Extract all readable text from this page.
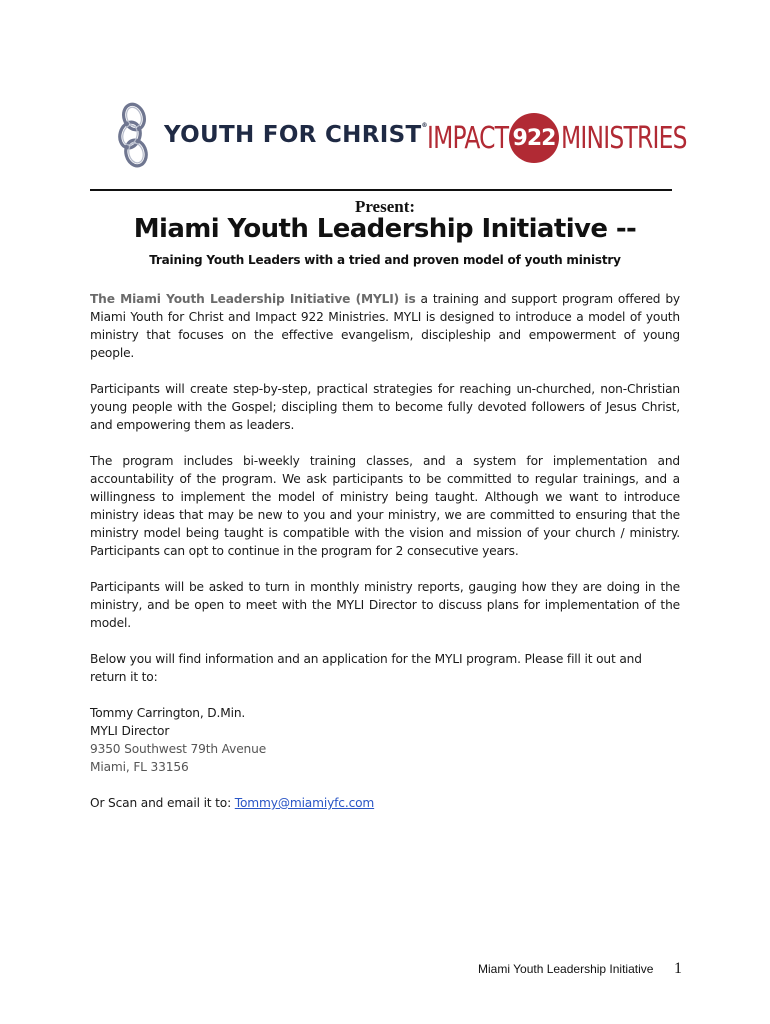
YOUTH FOR CHRIST® IMPACT 922 MINISTRIES
Present:
Miami Youth Leadership Initiative --
Training Youth Leaders with a tried and proven model of youth ministry

The Miami Youth Leadership Initiative (MYLI) is a training and support program offered by Miami Youth for Christ and Impact 922 Ministries. MYLI is designed to introduce a model of youth ministry that focuses on the effective evangelism, discipleship and empowerment of young people.

Participants will create step-by-step, practical strategies for reaching un-churched, non-Christian young people with the Gospel; discipling them to become fully devoted followers of Jesus Christ, and empowering them as leaders.

The program includes bi-weekly training classes, and a system for implementation and accountability of the program. We ask participants to be committed to regular trainings, and a willingness to implement the model of ministry being taught. Although we want to introduce ministry ideas that may be new to you and your ministry, we are committed to ensuring that the ministry model being taught is compatible with the vision and mission of your church / ministry. Participants can opt to continue in the program for 2 consecutive years.

Participants will be asked to turn in monthly ministry reports, gauging how they are doing in the ministry, and be open to meet with the MYLI Director to discuss plans for implementation of the model.

Below you will find information and an application for the MYLI program. Please fill it out and return it to:

Tommy Carrington, D.Min.
MYLI Director
9350 Southwest 79th Avenue
Miami, FL 33156

Or Scan and email it to: Tommy@miamiyfc.com

Miami Youth Leadership Initiative 1
